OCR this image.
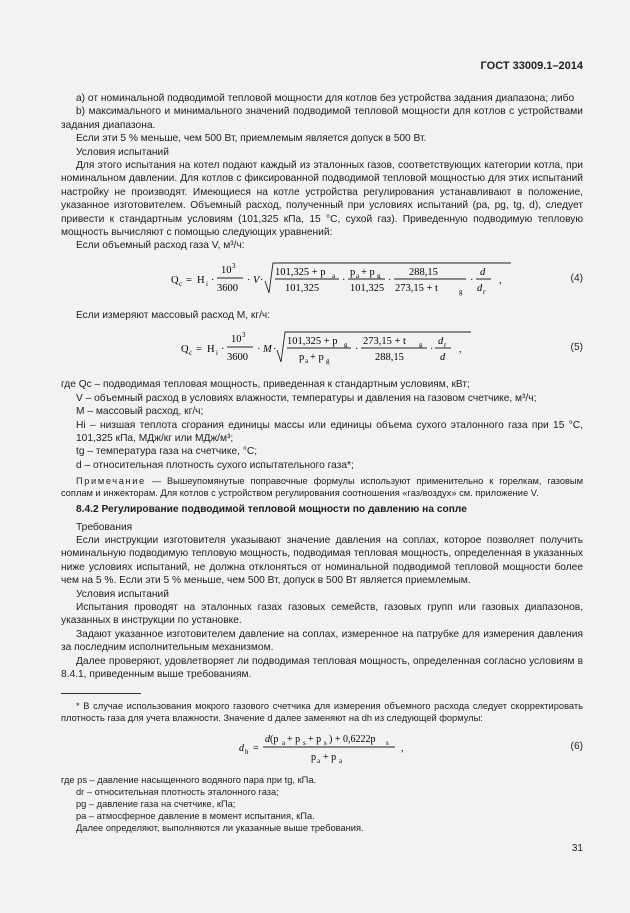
ГОСТ 33009.1–2014

а) от номинальной подводимой тепловой мощности для котлов без устройства задания диапазона; либо

b) максимального и минимального значений подводимой тепловой мощности для котлов с устройствами задания диапазона.

Если эти 5 % меньше, чем 500 Вт, приемлемым является допуск в 500 Вт.

Условия испытаний

Для этого испытания на котел подают каждый из эталонных газов, соответствующих категории котла, при номинальном давлении. Для котлов с фиксированной подводимой тепловой мощностью для этих испытаний настройку не производят. Имеющиеся на котле устройства регулирования устанавливают в положение, указанное изготовителем. Объемный расход, полученный при условиях испытаний (pa, pg, tg, d), следует привести к стандартным условиям (101,325 кПа, 15 °С, сухой газ). Приведенную подводимую тепловую мощность вычисляют с помощью следующих уравнений:

Если объемный расход газа V, м³/ч:

Q c = H i ·
10 3
3600
· V ·
101,325 + p a
101,325
·
p a + p g
101,325
·
288,15
273,15 + t	g
·
d
d r
,	(4)

Если измеряют массовый расход M, кг/ч:

Q c = H i ·
10 3
3600
· M ·
101,325 + p g
p a + p g
·
273,15 + t g
288,15
·
d r
d
,	(5)

где Qc – подводимая тепловая мощность, приведенная к стандартным условиям, кВт;

V – объемный расход в условиях влажности, температуры и давления на газовом счетчике, м³/ч;

M – массовый расход, кг/ч;

Hi – низшая теплота сгорания единицы массы или единицы объема сухого эталонного газа при 15 °С, 101,325 кПа, МДж/кг или МДж/м³;

tg – температура газа на счетчике, °С;

d – относительная плотность сухого испытательного газа*;

Примечание — Вышеупомянутые поправочные формулы используют применительно к горелкам, газовым соплам и инжекторам. Для котлов с устройством регулирования соотношения «газ/воздух» см. приложение V.

8.4.2 Регулирование подводимой тепловой мощности по давлению на сопле

Требования

Если инструкции изготовителя указывают значение давления на соплах, которое позволяет получить номинальную подводимую тепловую мощность, подводимая тепловая мощность, определенная в указанных ниже условиях испытаний, не должна отклоняться от номинальной подводимой тепловой мощности более чем на 5 %. Если эти 5 % меньше, чем 500 Вт, допуск в 500 Вт является приемлемым.

Условия испытаний

Испытания проводят на эталонных газах газовых семейств, газовых групп или газовых диапазонов, указанных в инструкции по установке.

Задают указанное изготовителем давление на соплах, измеренное на патрубке для измерения давления за последним исполнительным механизмом.

Далее проверяют, удовлетворяет ли подводимая тепловая мощность, определенная согласно условиям в 8.4.1, приведенным выше требованиям.

* В случае использования мокрого газового счетчика для измерения объемного расхода следует скорректировать плотность газа для учета влажности. Значение d далее заменяют на dh из следующей формулы:

d h =
d(p a + p s + p s ) + 0,6222p s
p a + p a
,	(6)

где ps – давление насыщенного водяного пара при tg, кПа.

dr – относительная плотность эталонного газа;

pg – давление газа на счетчике, кПа;

pa – атмосферное давление в момент испытания, кПа.

Далее определяют, выполняются ли указанные выше требования.

31
